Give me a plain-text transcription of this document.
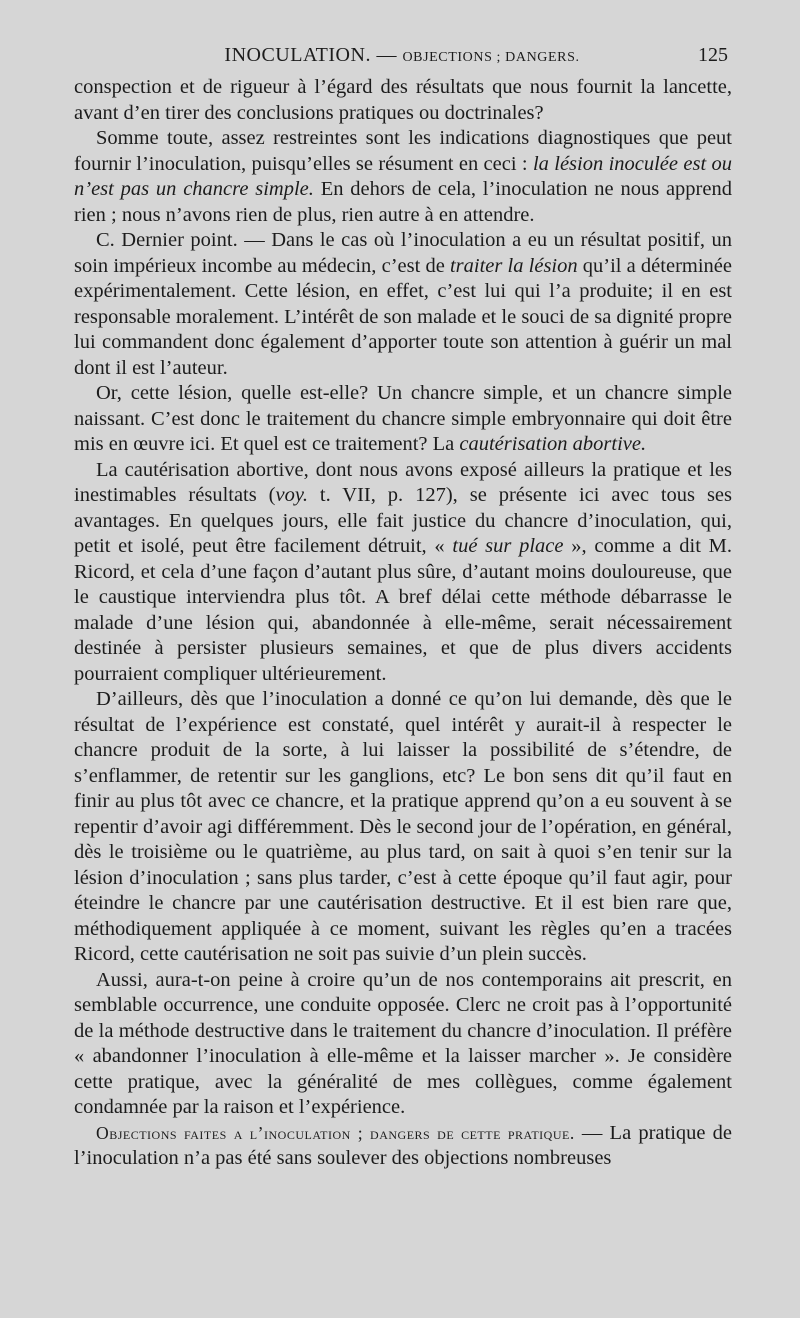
INOCULATION. — OBJECTIONS ; DANGERS.	125

conspection et de rigueur à l’égard des résultats que nous fournit la lancette, avant d’en tirer des conclusions pratiques ou doctrinales?

Somme toute, assez restreintes sont les indications diagnostiques que peut fournir l’inoculation, puisqu’elles se résument en ceci : la lésion inoculée est ou n’est pas un chancre simple. En dehors de cela, l’inoculation ne nous apprend rien ; nous n’avons rien de plus, rien autre à en attendre.

C. Dernier point. — Dans le cas où l’inoculation a eu un résultat positif, un soin impérieux incombe au médecin, c’est de traiter la lésion qu’il a déterminée expérimentalement. Cette lésion, en effet, c’est lui qui l’a produite; il en est responsable moralement. L’intérêt de son malade et le souci de sa dignité propre lui commandent donc également d’apporter toute son attention à guérir un mal dont il est l’auteur.

Or, cette lésion, quelle est-elle? Un chancre simple, et un chancre simple naissant. C’est donc le traitement du chancre simple embryonnaire qui doit être mis en œuvre ici. Et quel est ce traitement? La cautérisation abortive.

La cautérisation abortive, dont nous avons exposé ailleurs la pratique et les inestimables résultats (voy. t. VII, p. 127), se présente ici avec tous ses avantages. En quelques jours, elle fait justice du chancre d’inoculation, qui, petit et isolé, peut être facilement détruit, « tué sur place », comme a dit M. Ricord, et cela d’une façon d’autant plus sûre, d’autant moins douloureuse, que le caustique interviendra plus tôt. A bref délai cette méthode débarrasse le malade d’une lésion qui, abandonnée à elle-même, serait nécessairement destinée à persister plusieurs semaines, et que de plus divers accidents pourraient compliquer ultérieurement.

D’ailleurs, dès que l’inoculation a donné ce qu’on lui demande, dès que le résultat de l’expérience est constaté, quel intérêt y aurait-il à respecter le chancre produit de la sorte, à lui laisser la possibilité de s’étendre, de s’enflammer, de retentir sur les ganglions, etc? Le bon sens dit qu’il faut en finir au plus tôt avec ce chancre, et la pratique apprend qu’on a eu souvent à se repentir d’avoir agi différemment. Dès le second jour de l’opération, en général, dès le troisième ou le quatrième, au plus tard, on sait à quoi s’en tenir sur la lésion d’inoculation ; sans plus tarder, c’est à cette époque qu’il faut agir, pour éteindre le chancre par une cautérisation destructive. Et il est bien rare que, méthodiquement appliquée à ce moment, suivant les règles qu’en a tracées Ricord, cette cautérisation ne soit pas suivie d’un plein succès.

Aussi, aura-t-on peine à croire qu’un de nos contemporains ait prescrit, en semblable occurrence, une conduite opposée. Clerc ne croit pas à l’opportunité de la méthode destructive dans le traitement du chancre d’inoculation. Il préfère « abandonner l’inoculation à elle-même et la laisser marcher ». Je considère cette pratique, avec la généralité de mes collègues, comme également condamnée par la raison et l’expérience.

Objections faites a l’inoculation ; dangers de cette pratique. — La pratique de l’inoculation n’a pas été sans soulever des objections nombreuses
